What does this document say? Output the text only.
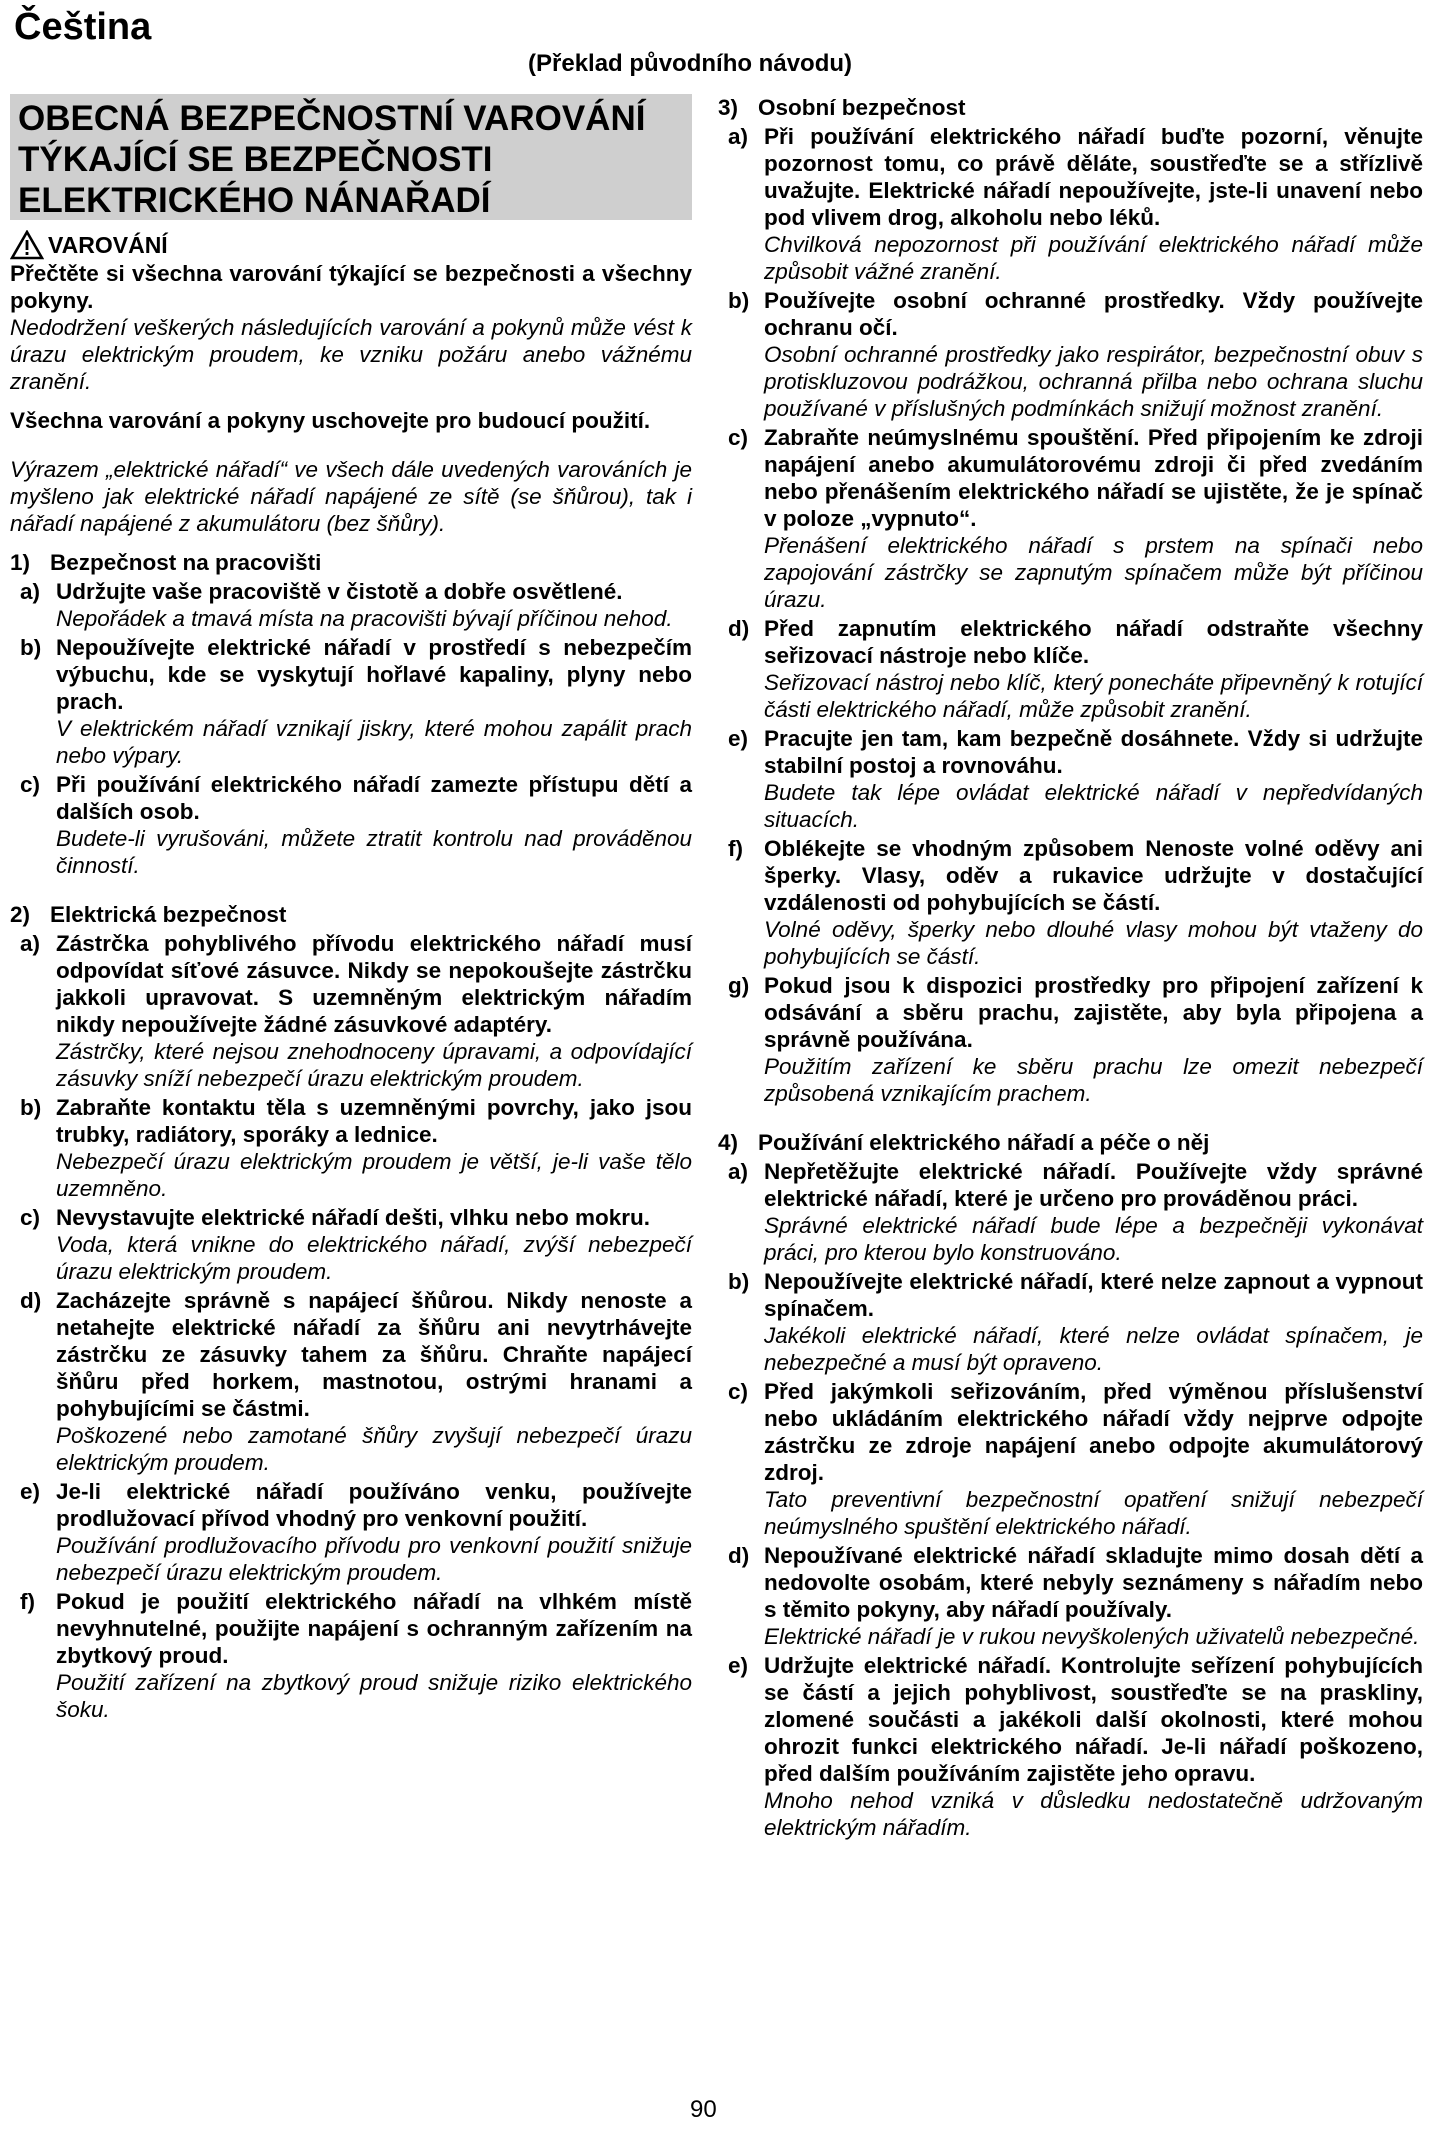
Čeština
(Překlad původního návodu)
OBECNÁ BEZPEČNOSTNÍ VAROVÁNÍ TÝKAJÍCÍ SE BEZPEČNOSTI ELEKTRICKÉHO NÁNAŘADÍ
VAROVÁNÍ

Přečtěte si všechna varování týkající se bezpečnosti a všechny pokyny.

Nedodržení veškerých následujících varování a pokynů může vést k úrazu elektrickým proudem, ke vzniku požáru anebo vážnému zranění.

Všechna varování a pokyny uschovejte pro budoucí použití.

Výrazem „elektrické nářadí“ ve všech dále uvedených varováních je myšleno jak elektrické nářadí napájené ze sítě (se šňůrou), tak i nářadí napájené z akumulátoru (bez šňůry).

1) Bezpečnost na pracovišti
a) Udržujte vaše pracoviště v čistotě a dobře osvětlené.

Nepořádek a tmavá místa na pracovišti bývají příčinou nehod.

b) Nepoužívejte elektrické nářadí v prostředí s nebezpečím výbuchu, kde se vyskytují hořlavé kapaliny, plyny nebo prach.

V elektrickém nářadí vznikají jiskry, které mohou zapálit prach nebo výpary.

c) Při používání elektrického nářadí zamezte přístupu dětí a dalších osob.

Budete-li vyrušováni, můžete ztratit kontrolu nad prováděnou činností.

2) Elektrická bezpečnost
a) Zástrčka pohyblivého přívodu elektrického nářadí musí odpovídat síťové zásuvce. Nikdy se nepokoušejte zástrčku jakkoli upravovat. S uzemněným elektrickým nářadím nikdy nepoužívejte žádné zásuvkové adaptéry.

Zástrčky, které nejsou znehodnoceny úpravami, a odpovídající zásuvky sníží nebezpečí úrazu elektrickým proudem.

b) Zabraňte kontaktu těla s uzemněnými povrchy, jako jsou trubky, radiátory, sporáky a lednice.

Nebezpečí úrazu elektrickým proudem je větší, je-li vaše tělo uzemněno.

c) Nevystavujte elektrické nářadí dešti, vlhku nebo mokru.

Voda, která vnikne do elektrického nářadí, zvýší nebezpečí úrazu elektrickým proudem.

d) Zacházejte správně s napájecí šňůrou. Nikdy nenoste a netahejte elektrické nářadí za šňůru ani nevytrhávejte zástrčku ze zásuvky tahem za šňůru. Chraňte napájecí šňůru před horkem, mastnotou, ostrými hranami a pohybujícími se částmi.

Poškozené nebo zamotané šňůry zvyšují nebezpečí úrazu elektrickým proudem.

e) Je-li elektrické nářadí používáno venku, používejte prodlužovací přívod vhodný pro venkovní použití.

Používání prodlužovacího přívodu pro venkovní použití snižuje nebezpečí úrazu elektrickým proudem.

f) Pokud je použití elektrického nářadí na vlhkém místě nevyhnutelné, použijte napájení s ochranným zařízením na zbytkový proud.

Použití zařízení na zbytkový proud snižuje riziko elektrického šoku.

3) Osobní bezpečnost
a) Při používání elektrického nářadí buďte pozorní, věnujte pozornost tomu, co právě děláte, soustřeďte se a střízlivě uvažujte. Elektrické nářadí nepoužívejte, jste-li unavení nebo pod vlivem drog, alkoholu nebo léků.

Chvilková nepozornost při používání elektrického nářadí může způsobit vážné zranění.

b) Používejte osobní ochranné prostředky. Vždy používejte ochranu očí.

Osobní ochranné prostředky jako respirátor, bezpečnostní obuv s protiskluzovou podrážkou, ochranná přilba nebo ochrana sluchu používané v příslušných podmínkách snižují možnost zranění.

c) Zabraňte neúmyslnému spouštění. Před připojením ke zdroji napájení anebo akumulátorovému zdroji či před zvedáním nebo přenášením elektrického nářadí se ujistěte, že je spínač v poloze „vypnuto“.

Přenášení elektrického nářadí s prstem na spínači nebo zapojování zástrčky se zapnutým spínačem může být příčinou úrazu.

d) Před zapnutím elektrického nářadí odstraňte všechny seřizovací nástroje nebo klíče.

Seřizovací nástroj nebo klíč, který ponecháte připevněný k rotující části elektrického nářadí, může způsobit zranění.

e) Pracujte jen tam, kam bezpečně dosáhnete. Vždy si udržujte stabilní postoj a rovnováhu.

Budete tak lépe ovládat elektrické nářadí v nepředvídaných situacích.

f) Oblékejte se vhodným způsobem Nenoste volné oděvy ani šperky. Vlasy, oděv a rukavice udržujte v dostačující vzdálenosti od pohybujících se částí.

Volné oděvy, šperky nebo dlouhé vlasy mohou být vtaženy do pohybujících se částí.

g) Pokud jsou k dispozici prostředky pro připojení zařízení k odsávání a sběru prachu, zajistěte, aby byla připojena a správně používána.

Použitím zařízení ke sběru prachu lze omezit nebezpečí způsobená vznikajícím prachem.

4) Používání elektrického nářadí a péče o něj
a) Nepřetěžujte elektrické nářadí. Používejte vždy správné elektrické nářadí, které je určeno pro prováděnou práci.

Správné elektrické nářadí bude lépe a bezpečněji vykonávat práci, pro kterou bylo konstruováno.

b) Nepoužívejte elektrické nářadí, které nelze zapnout a vypnout spínačem.

Jakékoli elektrické nářadí, které nelze ovládat spínačem, je nebezpečné a musí být opraveno.

c) Před jakýmkoli seřizováním, před výměnou příslušenství nebo ukládáním elektrického nářadí vždy nejprve odpojte zástrčku ze zdroje napájení anebo odpojte akumulátorový zdroj.

Tato preventivní bezpečnostní opatření snižují nebezpečí neúmyslného spuštění elektrického nářadí.

d) Nepoužívané elektrické nářadí skladujte mimo dosah dětí a nedovolte osobám, které nebyly seznámeny s nářadím nebo s těmito pokyny, aby nářadí používaly.

Elektrické nářadí je v rukou nevyškolených uživatelů nebezpečné.

e) Udržujte elektrické nářadí. Kontrolujte seřízení pohybujících se částí a jejich pohyblivost, soustřeďte se na praskliny, zlomené součásti a jakékoli další okolnosti, které mohou ohrozit funkci elektrického nářadí. Je-li nářadí poškozeno, před dalším používáním zajistěte jeho opravu.

Mnoho nehod vzniká v důsledku nedostatečně udržovaným elektrickým nářadím.

90
